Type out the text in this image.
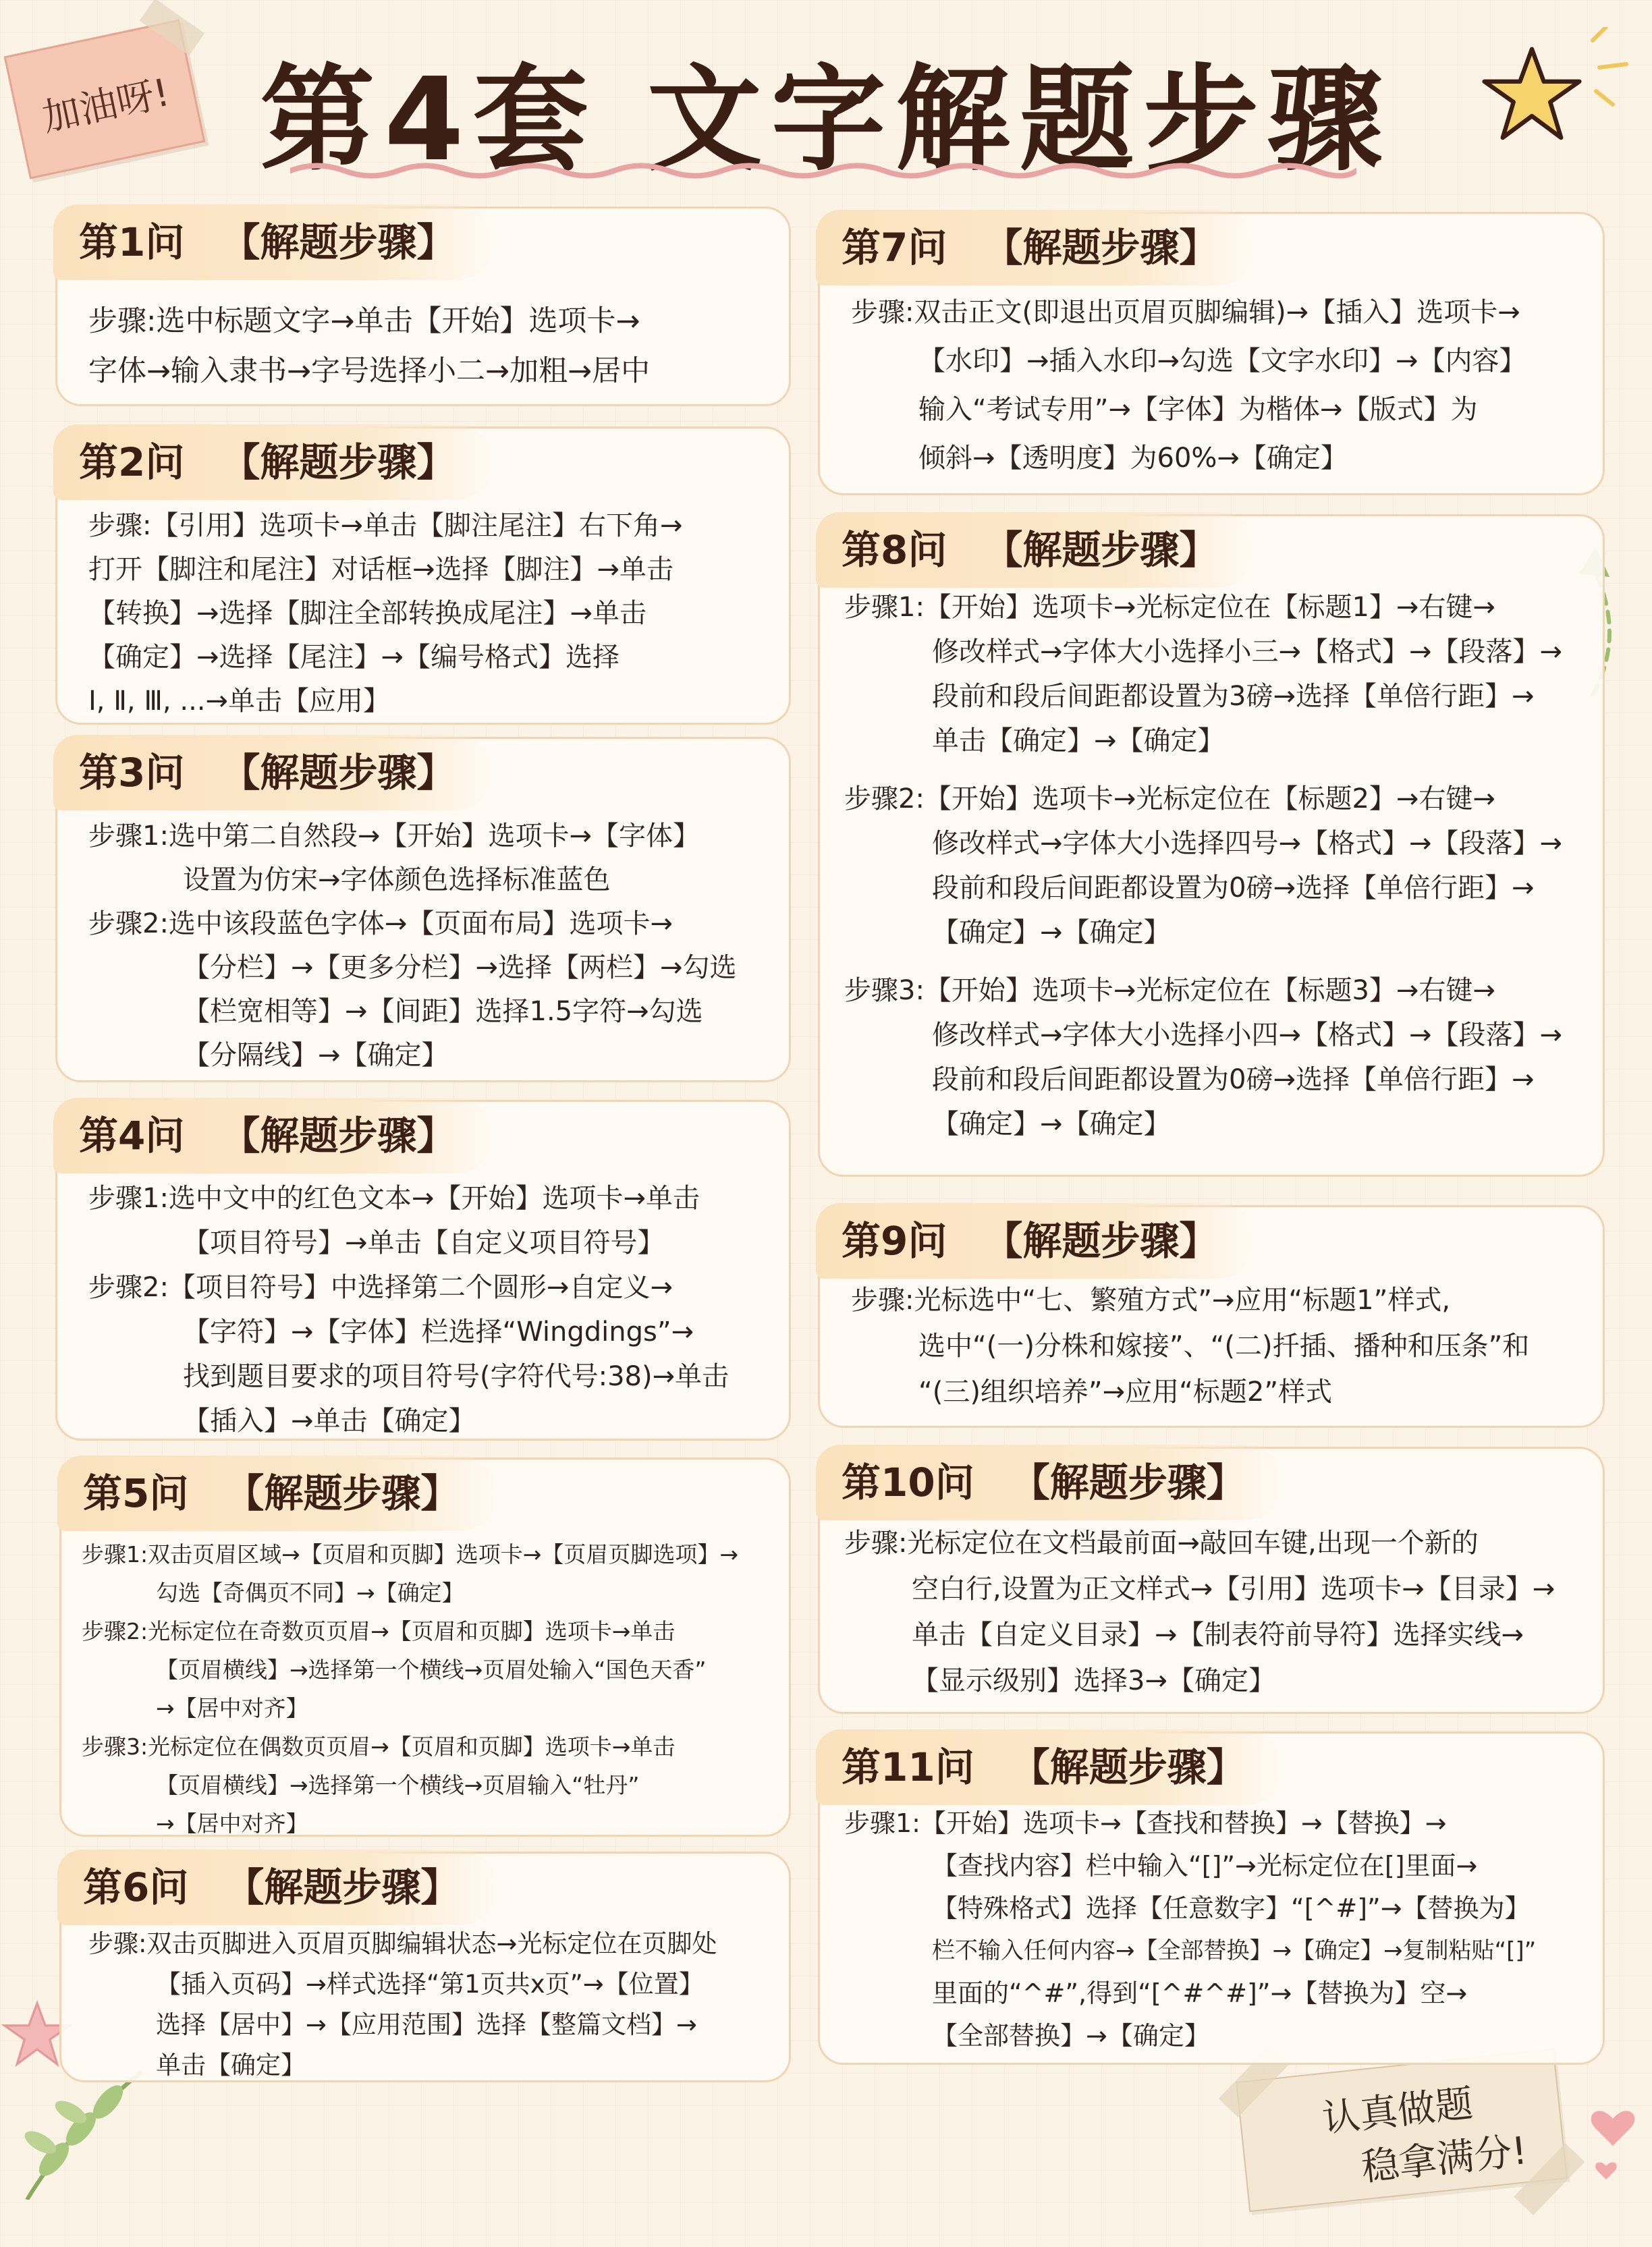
加油呀! 第4套 文字解题步骤
认真做题
稳拿满分!
第1问 【解题步骤】
步骤:选中标题文字→单击【开始】选项卡→
字体→输入隶书→字号选择小二→加粗→居中
第2问 【解题步骤】
步骤:【引用】选项卡→单击【脚注尾注】右下角→
打开【脚注和尾注】对话框→选择【脚注】→单击
【转换】→选择【脚注全部转换成尾注】→单击
【确定】→选择【尾注】→【编号格式】选择
Ⅰ, Ⅱ, Ⅲ, ...→单击【应用】
第3问 【解题步骤】
步骤1:选中第二自然段→【开始】选项卡→【字体】
设置为仿宋→字体颜色选择标准蓝色
步骤2:选中该段蓝色字体→【页面布局】选项卡→
【分栏】→【更多分栏】→选择【两栏】→勾选
【栏宽相等】→【间距】选择1.5字符→勾选
【分隔线】→【确定】
第4问 【解题步骤】
步骤1:选中文中的红色文本→【开始】选项卡→单击
【项目符号】→单击【自定义项目符号】
步骤2:【项目符号】中选择第二个圆形→自定义→
【字符】→【字体】栏选择“Wingdings”→
找到题目要求的项目符号(字符代号:38)→单击
【插入】→单击【确定】
第5问 【解题步骤】
步骤1:双击页眉区域→【页眉和页脚】选项卡→【页眉页脚选项】→
勾选【奇偶页不同】→【确定】
步骤2:光标定位在奇数页页眉→【页眉和页脚】选项卡→单击
【页眉横线】→选择第一个横线→页眉处输入“国色天香”
→【居中对齐】
步骤3:光标定位在偶数页页眉→【页眉和页脚】选项卡→单击
【页眉横线】→选择第一个横线→页眉输入“牡丹”
→【居中对齐】
第6问 【解题步骤】
步骤:双击页脚进入页眉页脚编辑状态→光标定位在页脚处
【插入页码】→样式选择“第1页共x页”→【位置】
选择【居中】→【应用范围】选择【整篇文档】→
单击【确定】
第7问 【解题步骤】
步骤:双击正文(即退出页眉页脚编辑)→【插入】选项卡→
【水印】→插入水印→勾选【文字水印】→【内容】
输入“考试专用”→【字体】为楷体→【版式】为
倾斜→【透明度】为60%→【确定】
第8问 【解题步骤】
步骤1:【开始】选项卡→光标定位在【标题1】→右键→
修改样式→字体大小选择小三→【格式】→【段落】→
段前和段后间距都设置为3磅→选择【单倍行距】→
单击【确定】→【确定】
步骤2:【开始】选项卡→光标定位在【标题2】→右键→
修改样式→字体大小选择四号→【格式】→【段落】→
段前和段后间距都设置为0磅→选择【单倍行距】→
【确定】→【确定】
步骤3:【开始】选项卡→光标定位在【标题3】→右键→
修改样式→字体大小选择小四→【格式】→【段落】→
段前和段后间距都设置为0磅→选择【单倍行距】→
【确定】→【确定】
第9问 【解题步骤】
步骤:光标选中“七、繁殖方式”→应用“标题1”样式,
选中“(一)分株和嫁接”、“(二)扦插、播种和压条”和
“(三)组织培养”→应用“标题2”样式
第10问 【解题步骤】
步骤:光标定位在文档最前面→敲回车键,出现一个新的
空白行,设置为正文样式→【引用】选项卡→【目录】→
单击【自定义目录】→【制表符前导符】选择实线→
【显示级别】选择3→【确定】
第11问 【解题步骤】
步骤1:【开始】选项卡→【查找和替换】→【替换】→
【查找内容】栏中输入“[]”→光标定位在[]里面→
【特殊格式】选择【任意数字】“[^#]”→【替换为】
栏不输入任何内容→【全部替换】→【确定】→复制粘贴“[]”
里面的“^#”,得到“[^#^#]”→【替换为】空→
【全部替换】→【确定】
